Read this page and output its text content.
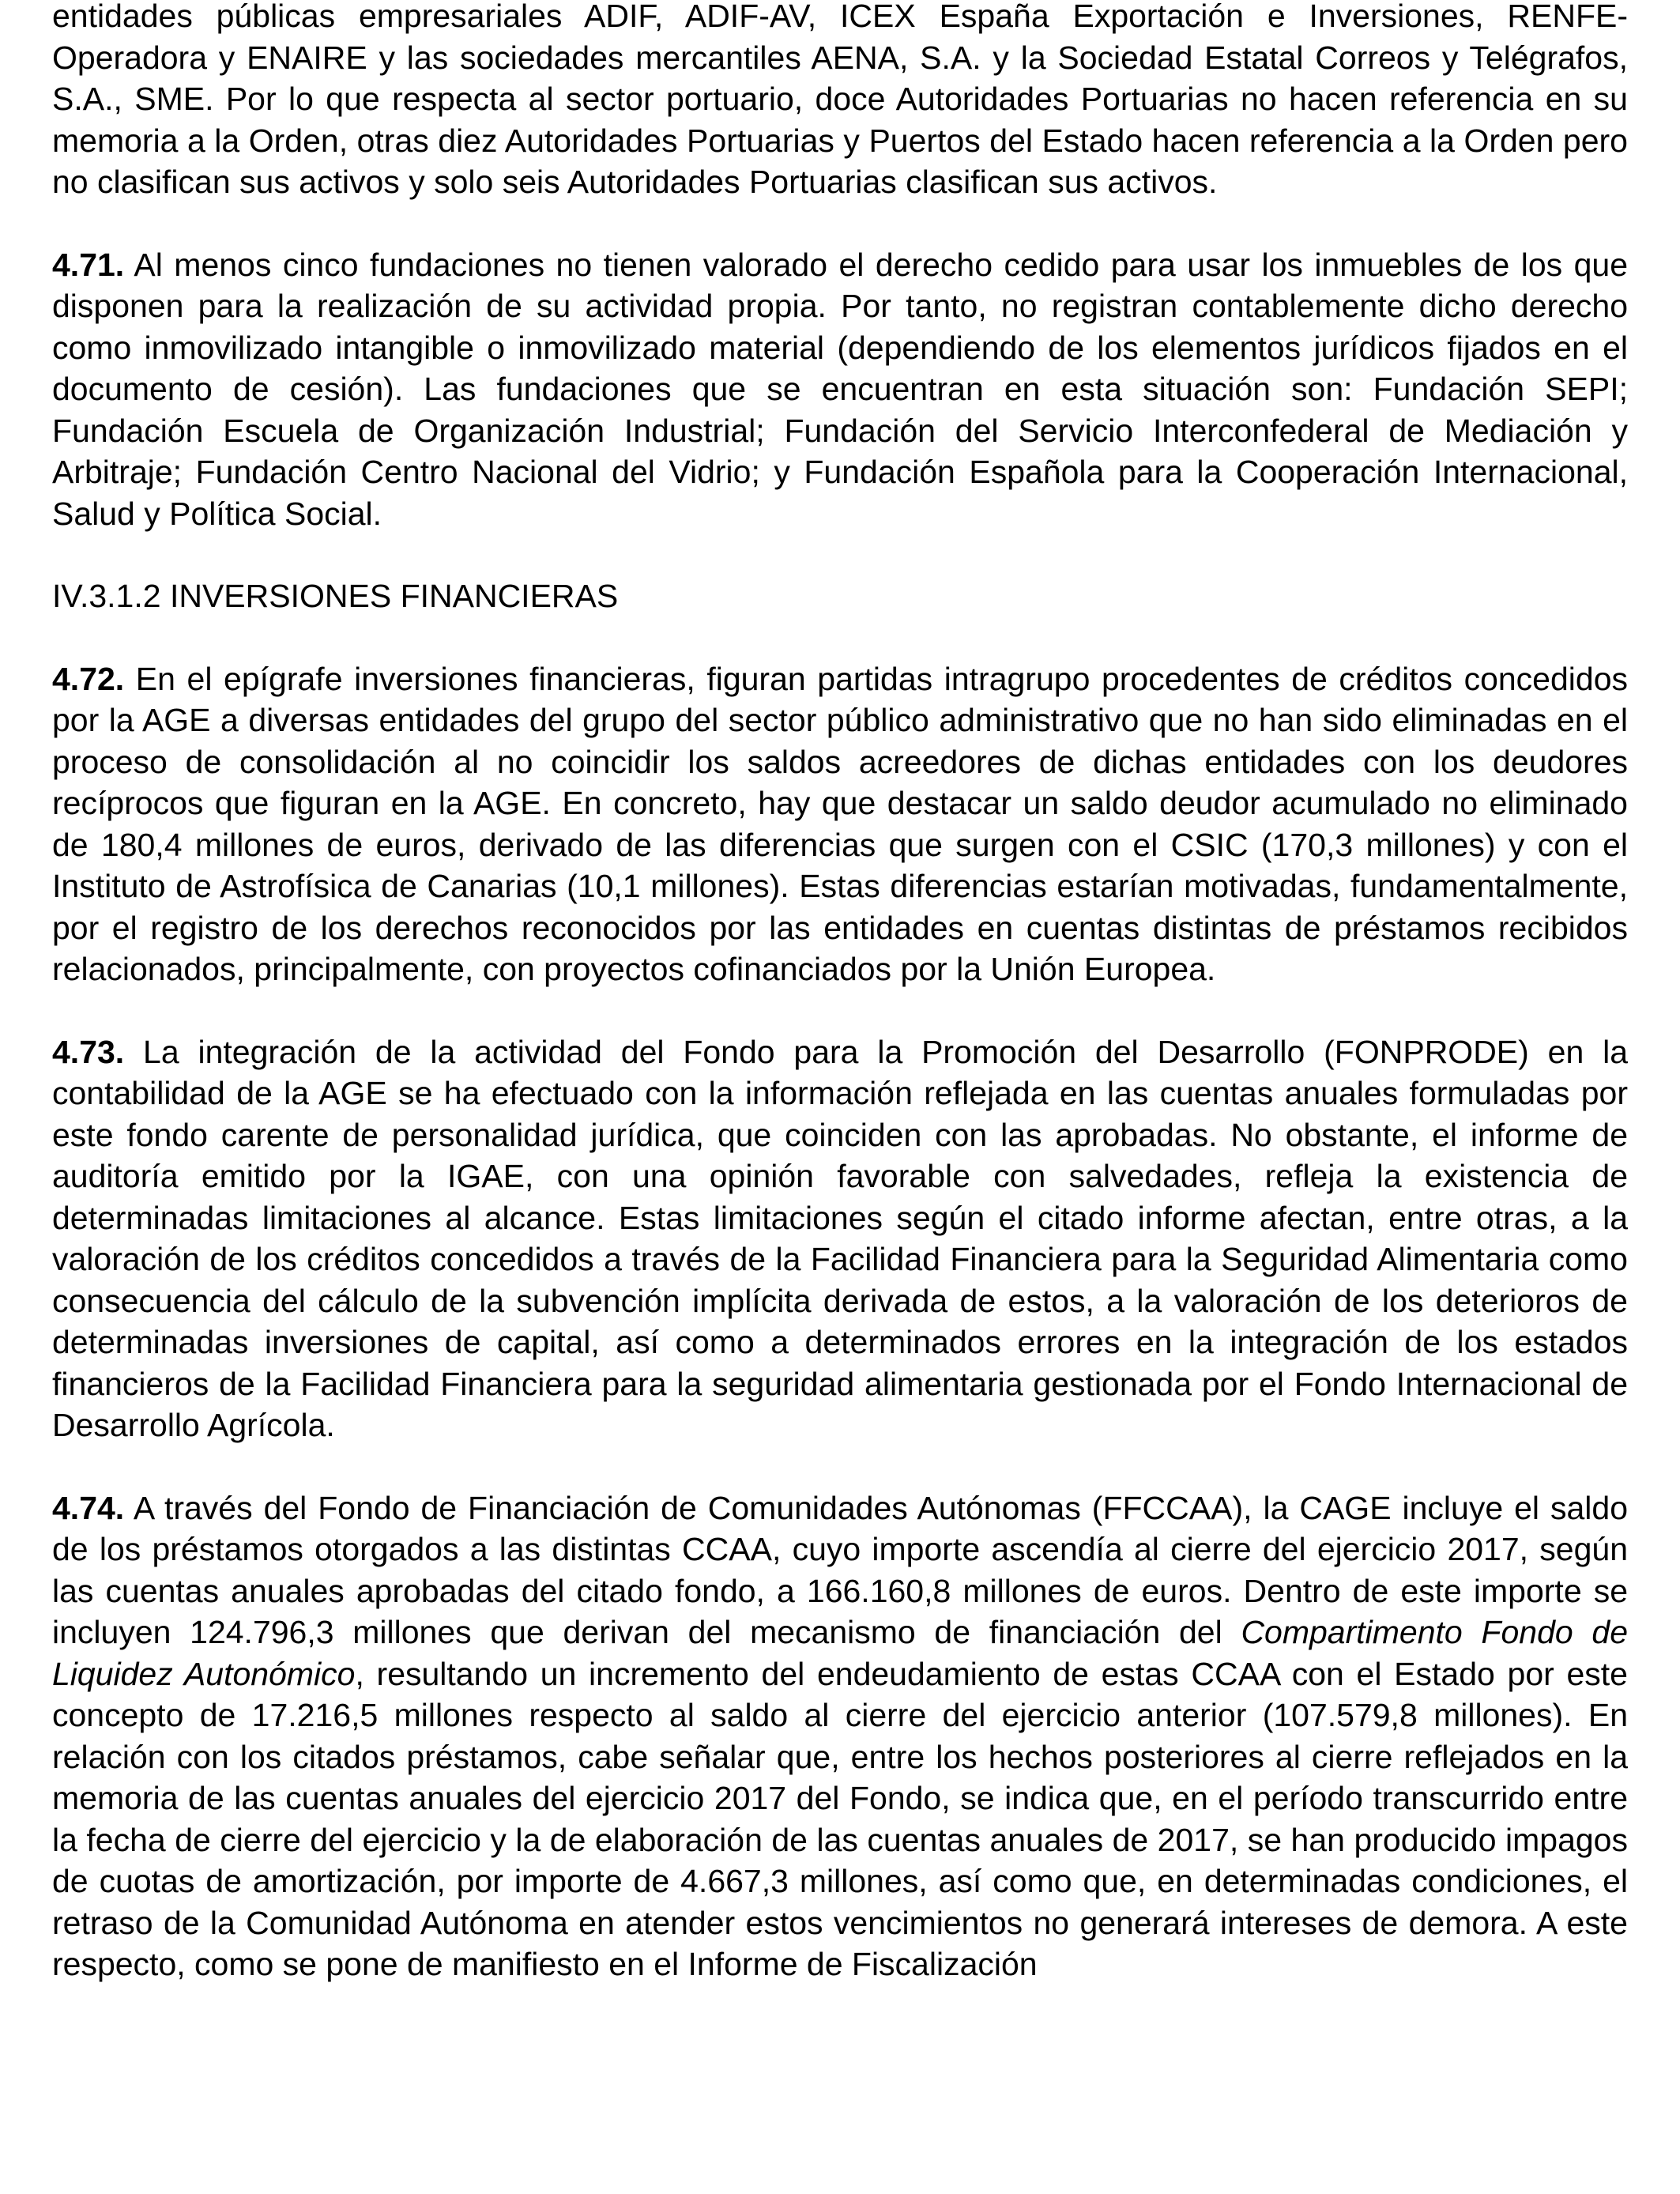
entidades públicas empresariales ADIF, ADIF-AV, ICEX España Exportación e Inversiones, RENFE-Operadora y ENAIRE y las sociedades mercantiles AENA, S.A. y la Sociedad Estatal Correos y Telégrafos, S.A., SME. Por lo que respecta al sector portuario, doce Autoridades Portuarias no hacen referencia en su memoria a la Orden, otras diez Autoridades Portuarias y Puertos del Estado hacen referencia a la Orden pero no clasifican sus activos y solo seis Autoridades Portuarias clasifican sus activos.

4.71. Al menos cinco fundaciones no tienen valorado el derecho cedido para usar los inmuebles de los que disponen para la realización de su actividad propia. Por tanto, no registran contablemente dicho derecho como inmovilizado intangible o inmovilizado material (dependiendo de los elementos jurídicos fijados en el documento de cesión). Las fundaciones que se encuentran en esta situación son: Fundación SEPI; Fundación Escuela de Organización Industrial; Fundación del Servicio Interconfederal de Mediación y Arbitraje; Fundación Centro Nacional del Vidrio; y Fundación Española para la Cooperación Internacional, Salud y Política Social.

IV.3.1.2 INVERSIONES FINANCIERAS

4.72. En el epígrafe inversiones financieras, figuran partidas intragrupo procedentes de créditos concedidos por la AGE a diversas entidades del grupo del sector público administrativo que no han sido eliminadas en el proceso de consolidación al no coincidir los saldos acreedores de dichas entidades con los deudores recíprocos que figuran en la AGE. En concreto, hay que destacar un saldo deudor acumulado no eliminado de 180,4 millones de euros, derivado de las diferencias que surgen con el CSIC (170,3 millones) y con el Instituto de Astrofísica de Canarias (10,1 millones). Estas diferencias estarían motivadas, fundamentalmente, por el registro de los derechos reconocidos por las entidades en cuentas distintas de préstamos recibidos relacionados, principalmente, con proyectos cofinanciados por la Unión Europea.

4.73. La integración de la actividad del Fondo para la Promoción del Desarrollo (FONPRODE) en la contabilidad de la AGE se ha efectuado con la información reflejada en las cuentas anuales formuladas por este fondo carente de personalidad jurídica, que coinciden con las aprobadas. No obstante, el informe de auditoría emitido por la IGAE, con una opinión favorable con salvedades, refleja la existencia de determinadas limitaciones al alcance. Estas limitaciones según el citado informe afectan, entre otras, a la valoración de los créditos concedidos a través de la Facilidad Financiera para la Seguridad Alimentaria como consecuencia del cálculo de la subvención implícita derivada de estos, a la valoración de los deterioros de determinadas inversiones de capital, así como a determinados errores en la integración de los estados financieros de la Facilidad Financiera para la seguridad alimentaria gestionada por el Fondo Internacional de Desarrollo Agrícola.

4.74. A través del Fondo de Financiación de Comunidades Autónomas (FFCCAA), la CAGE incluye el saldo de los préstamos otorgados a las distintas CCAA, cuyo importe ascendía al cierre del ejercicio 2017, según las cuentas anuales aprobadas del citado fondo, a 166.160,8 millones de euros. Dentro de este importe se incluyen 124.796,3 millones que derivan del mecanismo de financiación del Compartimento Fondo de Liquidez Autonómico, resultando un incremento del endeudamiento de estas CCAA con el Estado por este concepto de 17.216,5 millones respecto al saldo al cierre del ejercicio anterior (107.579,8 millones). En relación con los citados préstamos, cabe señalar que, entre los hechos posteriores al cierre reflejados en la memoria de las cuentas anuales del ejercicio 2017 del Fondo, se indica que, en el período transcurrido entre la fecha de cierre del ejercicio y la de elaboración de las cuentas anuales de 2017, se han producido impagos de cuotas de amortización, por importe de 4.667,3 millones, así como que, en determinadas condiciones, el retraso de la Comunidad Autónoma en atender estos vencimientos no generará intereses de demora. A este respecto, como se pone de manifiesto en el Informe de Fiscalización
